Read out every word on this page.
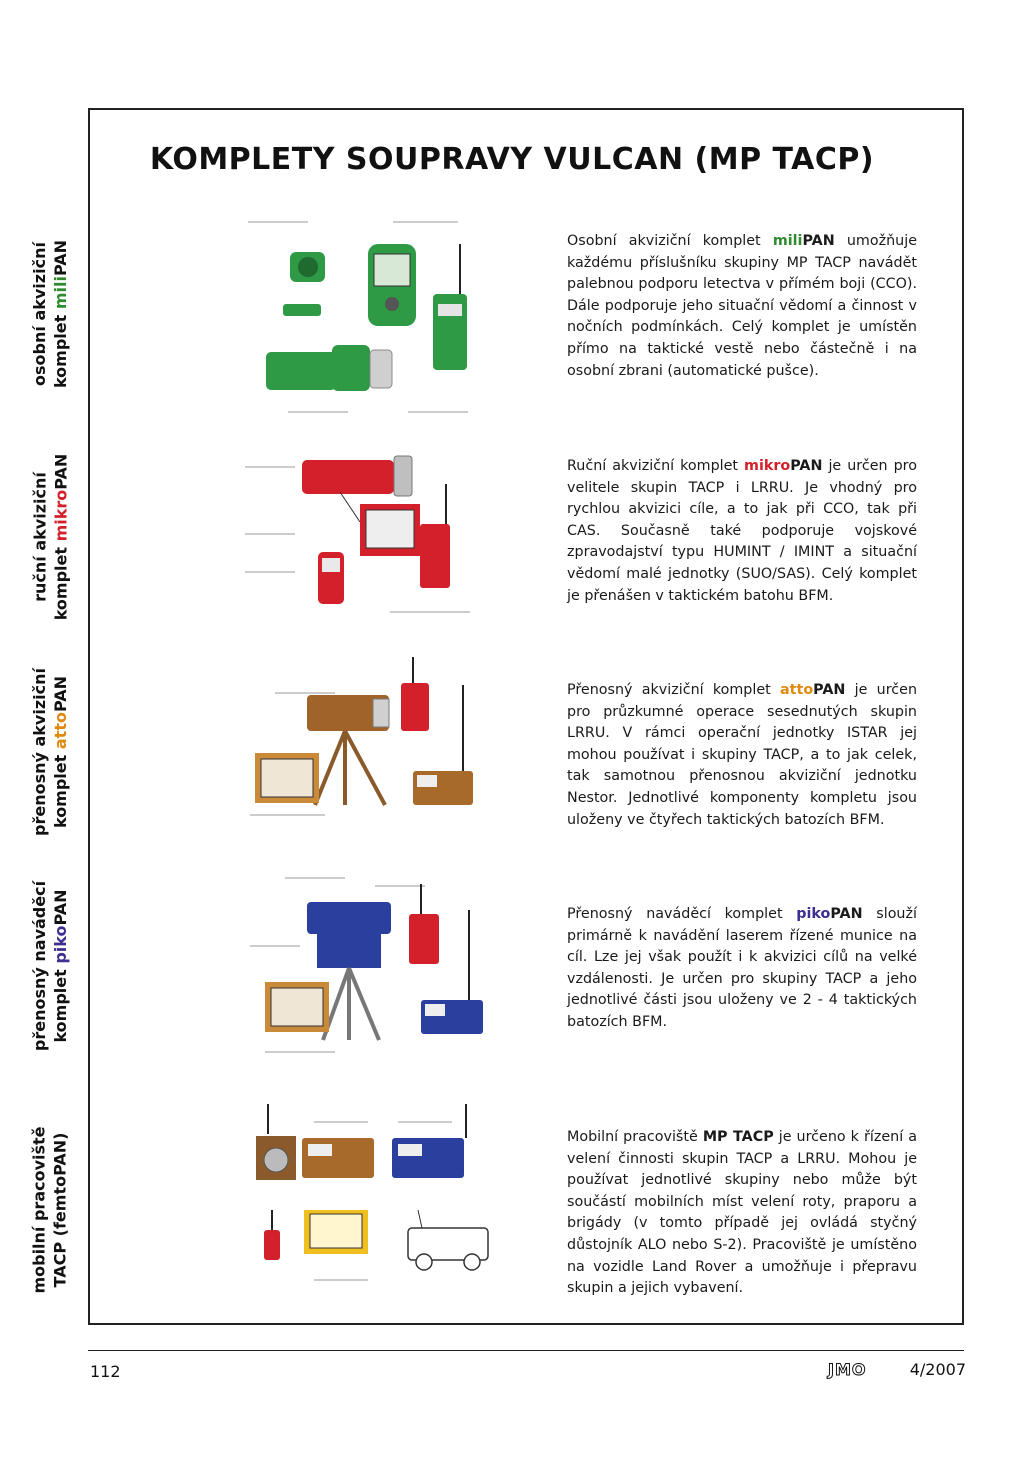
KOMPLETY SOUPRAVY VULCAN (MP TACP)
osobní akviziční komplet miliPAN	Osobní akviziční komplet miliPAN umožňuje každému příslušníku skupiny MP TACP navádět palebnou podporu letectva v přímém boji (CCO). Dále podporuje jeho situační vědomí a činnost v nočních podmínkách. Celý komplet je umístěn přímo na taktické vestě nebo částečně i na osobní zbrani (automatické pušce).
ruční akviziční komplet mikroPAN	Ruční akviziční komplet mikroPAN je určen pro velitele skupin TACP i LRRU. Je vhodný pro rychlou akvizici cíle, a to jak při CCO, tak při CAS. Současně také podporuje vojskové zpravodajství typu HUMINT / IMINT a situační vědomí malé jednotky (SUO/SAS). Celý komplet je přenášen v taktickém batohu BFM.
přenosný akviziční komplet attoPAN	Přenosný akviziční komplet attoPAN je určen pro průzkumné operace sesednutých skupin LRRU. V rámci operační jednotky ISTAR jej mohou používat i skupiny TACP, a to jak celek, tak samotnou přenosnou akviziční jednotku Nestor. Jednotlivé komponenty kompletu jsou uloženy ve čtyřech taktických batozích BFM.
přenosný naváděcí komplet pikoPAN	Přenosný naváděcí komplet pikoPAN slouží primárně k navádění laserem řízené munice na cíl. Lze jej však použít i k akvizici cílů na velké vzdálenosti. Je určen pro skupiny TACP a jeho jednotlivé části jsou uloženy ve 2 - 4 taktických batozích BFM.
mobilní pracoviště TACP (femtoPAN)	Mobilní pracoviště MP TACP je určeno k řízení a velení činnosti skupin TACP a LRRU. Mohou je používat jednotlivé skupiny nebo může být součástí mobilních míst velení roty, praporu a brigády (v tomto případě jej ovládá styčný důstojník ALO nebo S-2). Pracoviště je umístěno na vozidle Land Rover a umožňuje i přepravu skupin a jejich vybavení.
112	JMO	4/2007
